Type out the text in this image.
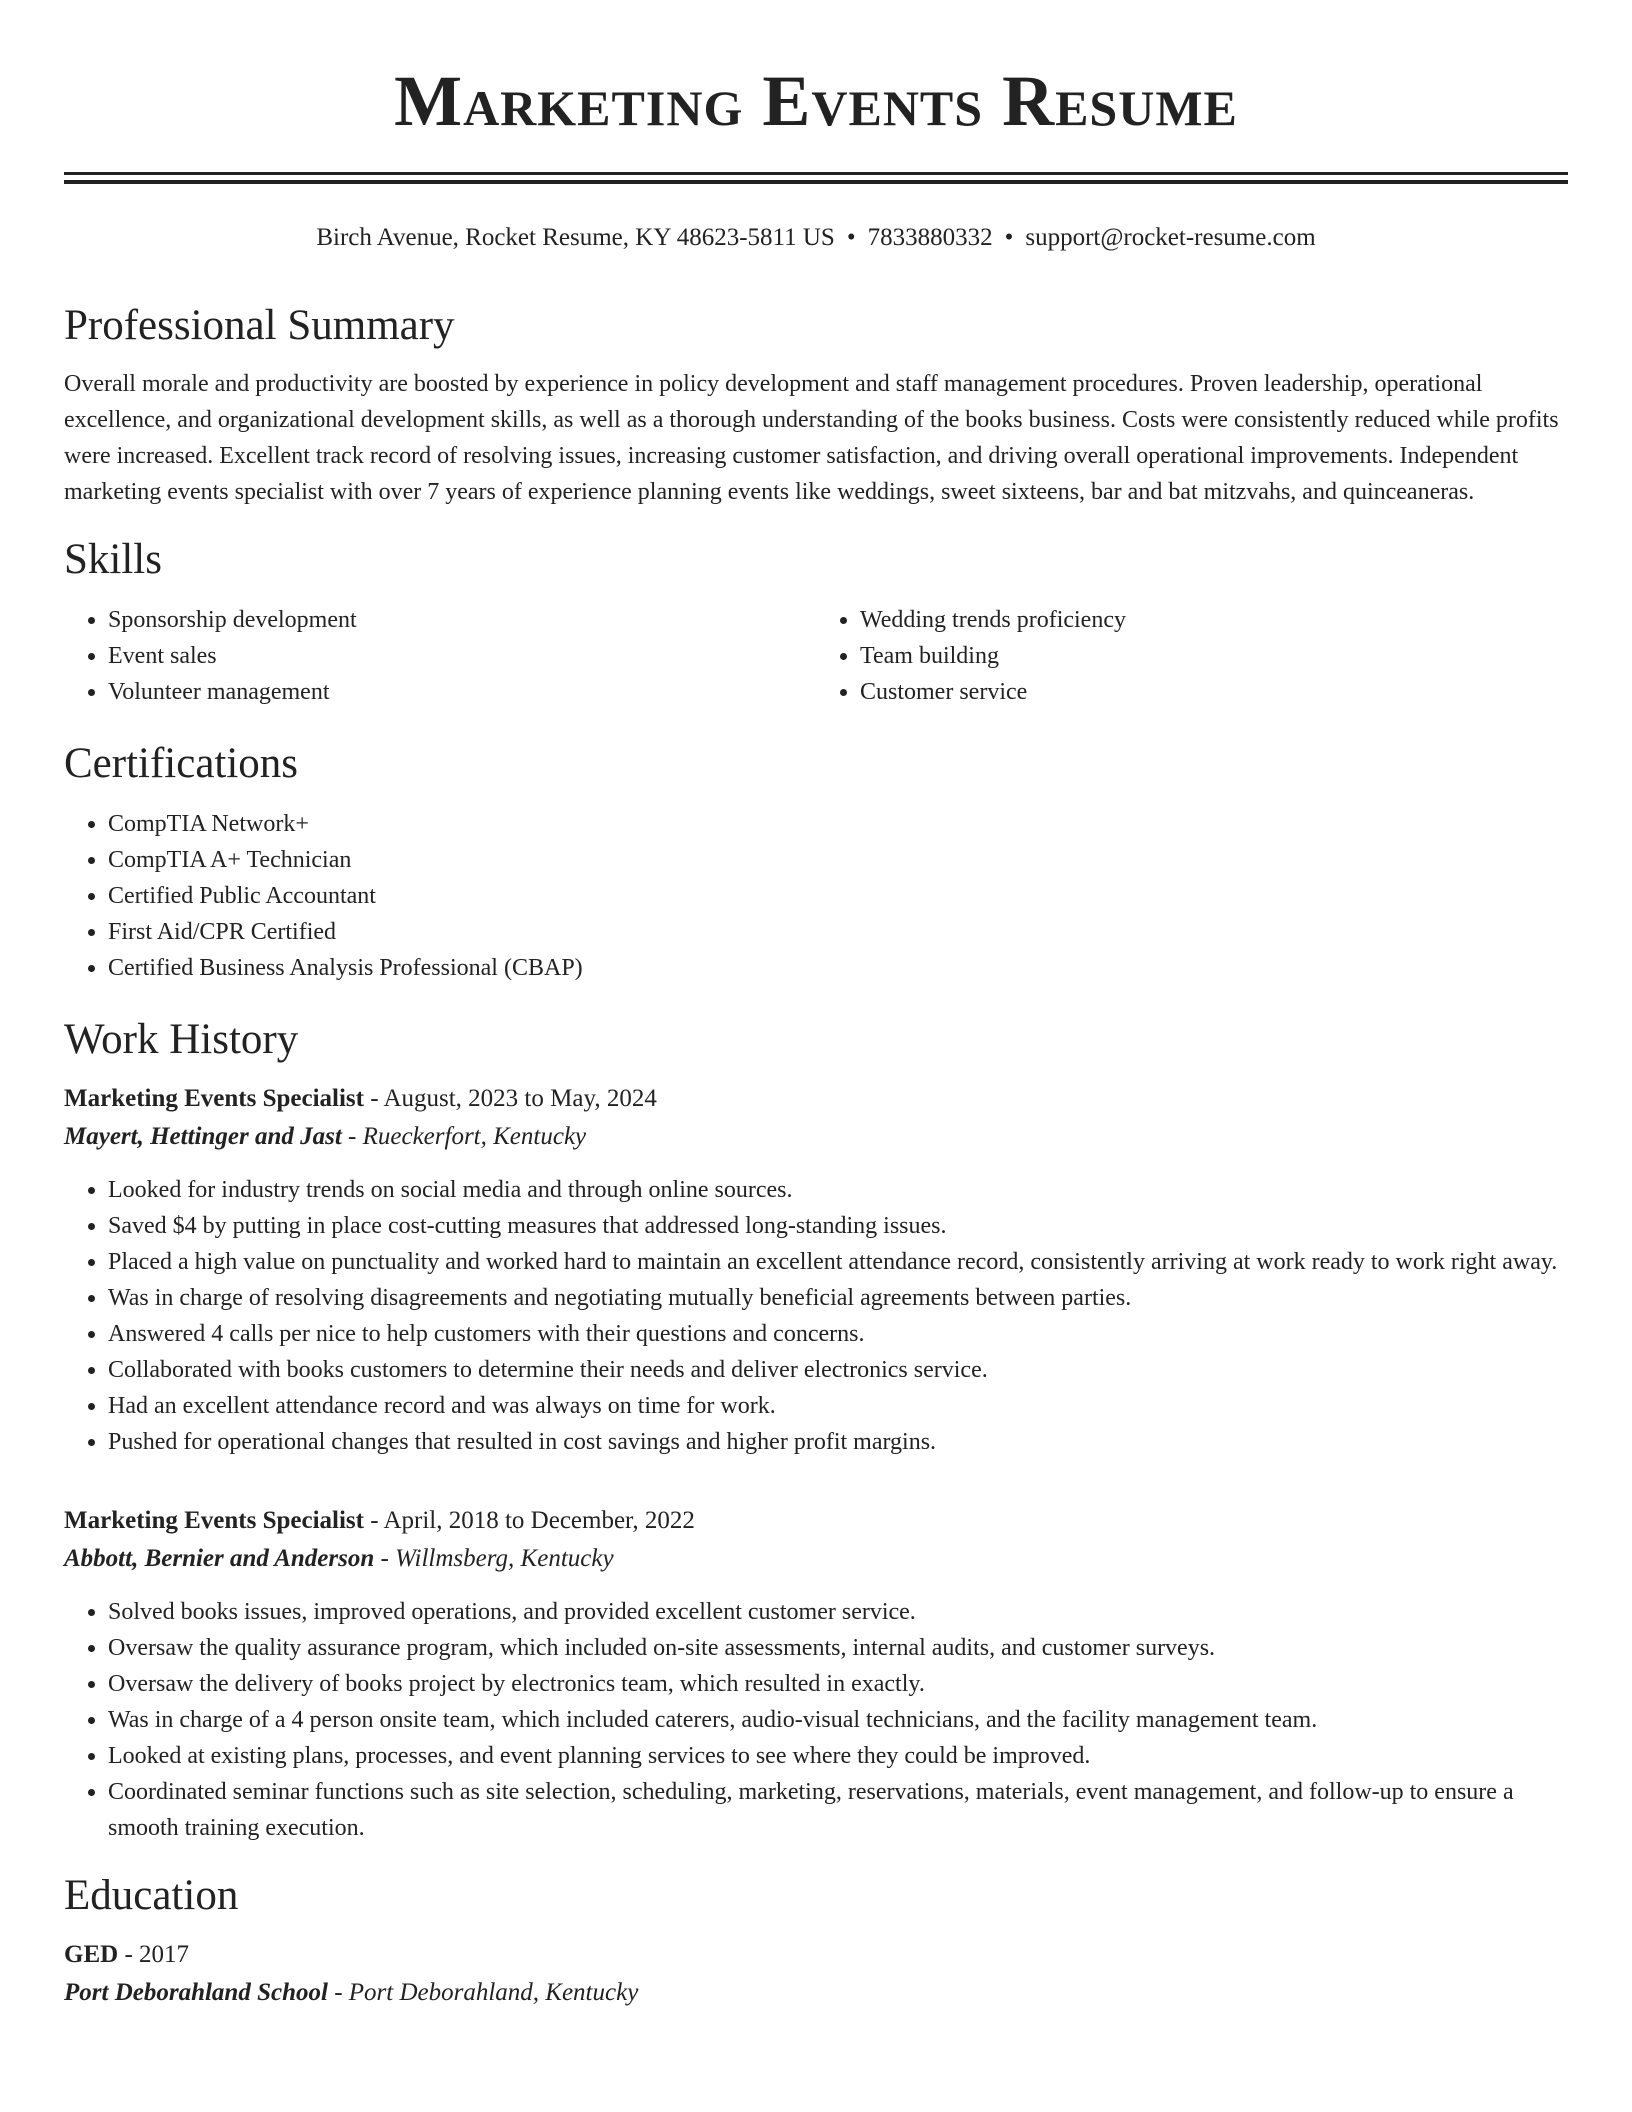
Marketing Events Resume
Birch Avenue, Rocket Resume, KY 48623-5811 US • 7833880332 • support@rocket-resume.com
Professional Summary

Overall morale and productivity are boosted by experience in policy development and staff management procedures. Proven leadership, operational excellence, and organizational development skills, as well as a thorough understanding of the books business. Costs were consistently reduced while profits were increased. Excellent track record of resolving issues, increasing customer satisfaction, and driving overall operational improvements. Independent marketing events specialist with over 7 years of experience planning events like weddings, sweet sixteens, bar and bat mitzvahs, and quinceaneras.

Skills
• Sponsorship development
• Event sales
• Volunteer management
• Wedding trends proficiency
• Team building
• Customer service
Certifications
• CompTIA Network+
• CompTIA A+ Technician
• Certified Public Accountant
• First Aid/CPR Certified
• Certified Business Analysis Professional (CBAP)
Work History
Marketing Events Specialist - August, 2023 to May, 2024
Mayert, Hettinger and Jast - Rueckerfort, Kentucky
• Looked for industry trends on social media and through online sources.
• Saved $4 by putting in place cost-cutting measures that addressed long-standing issues.
• Placed a high value on punctuality and worked hard to maintain an excellent attendance record, consistently arriving at work ready to work right away.
• Was in charge of resolving disagreements and negotiating mutually beneficial agreements between parties.
• Answered 4 calls per nice to help customers with their questions and concerns.
• Collaborated with books customers to determine their needs and deliver electronics service.
• Had an excellent attendance record and was always on time for work.
• Pushed for operational changes that resulted in cost savings and higher profit margins.
Marketing Events Specialist - April, 2018 to December, 2022
Abbott, Bernier and Anderson - Willmsberg, Kentucky
• Solved books issues, improved operations, and provided excellent customer service.
• Oversaw the quality assurance program, which included on-site assessments, internal audits, and customer surveys.
• Oversaw the delivery of books project by electronics team, which resulted in exactly.
• Was in charge of a 4 person onsite team, which included caterers, audio-visual technicians, and the facility management team.
• Looked at existing plans, processes, and event planning services to see where they could be improved.
• Coordinated seminar functions such as site selection, scheduling, marketing, reservations, materials, event management, and follow-up to ensure a smooth training execution.
Education
GED - 2017
Port Deborahland School - Port Deborahland, Kentucky
